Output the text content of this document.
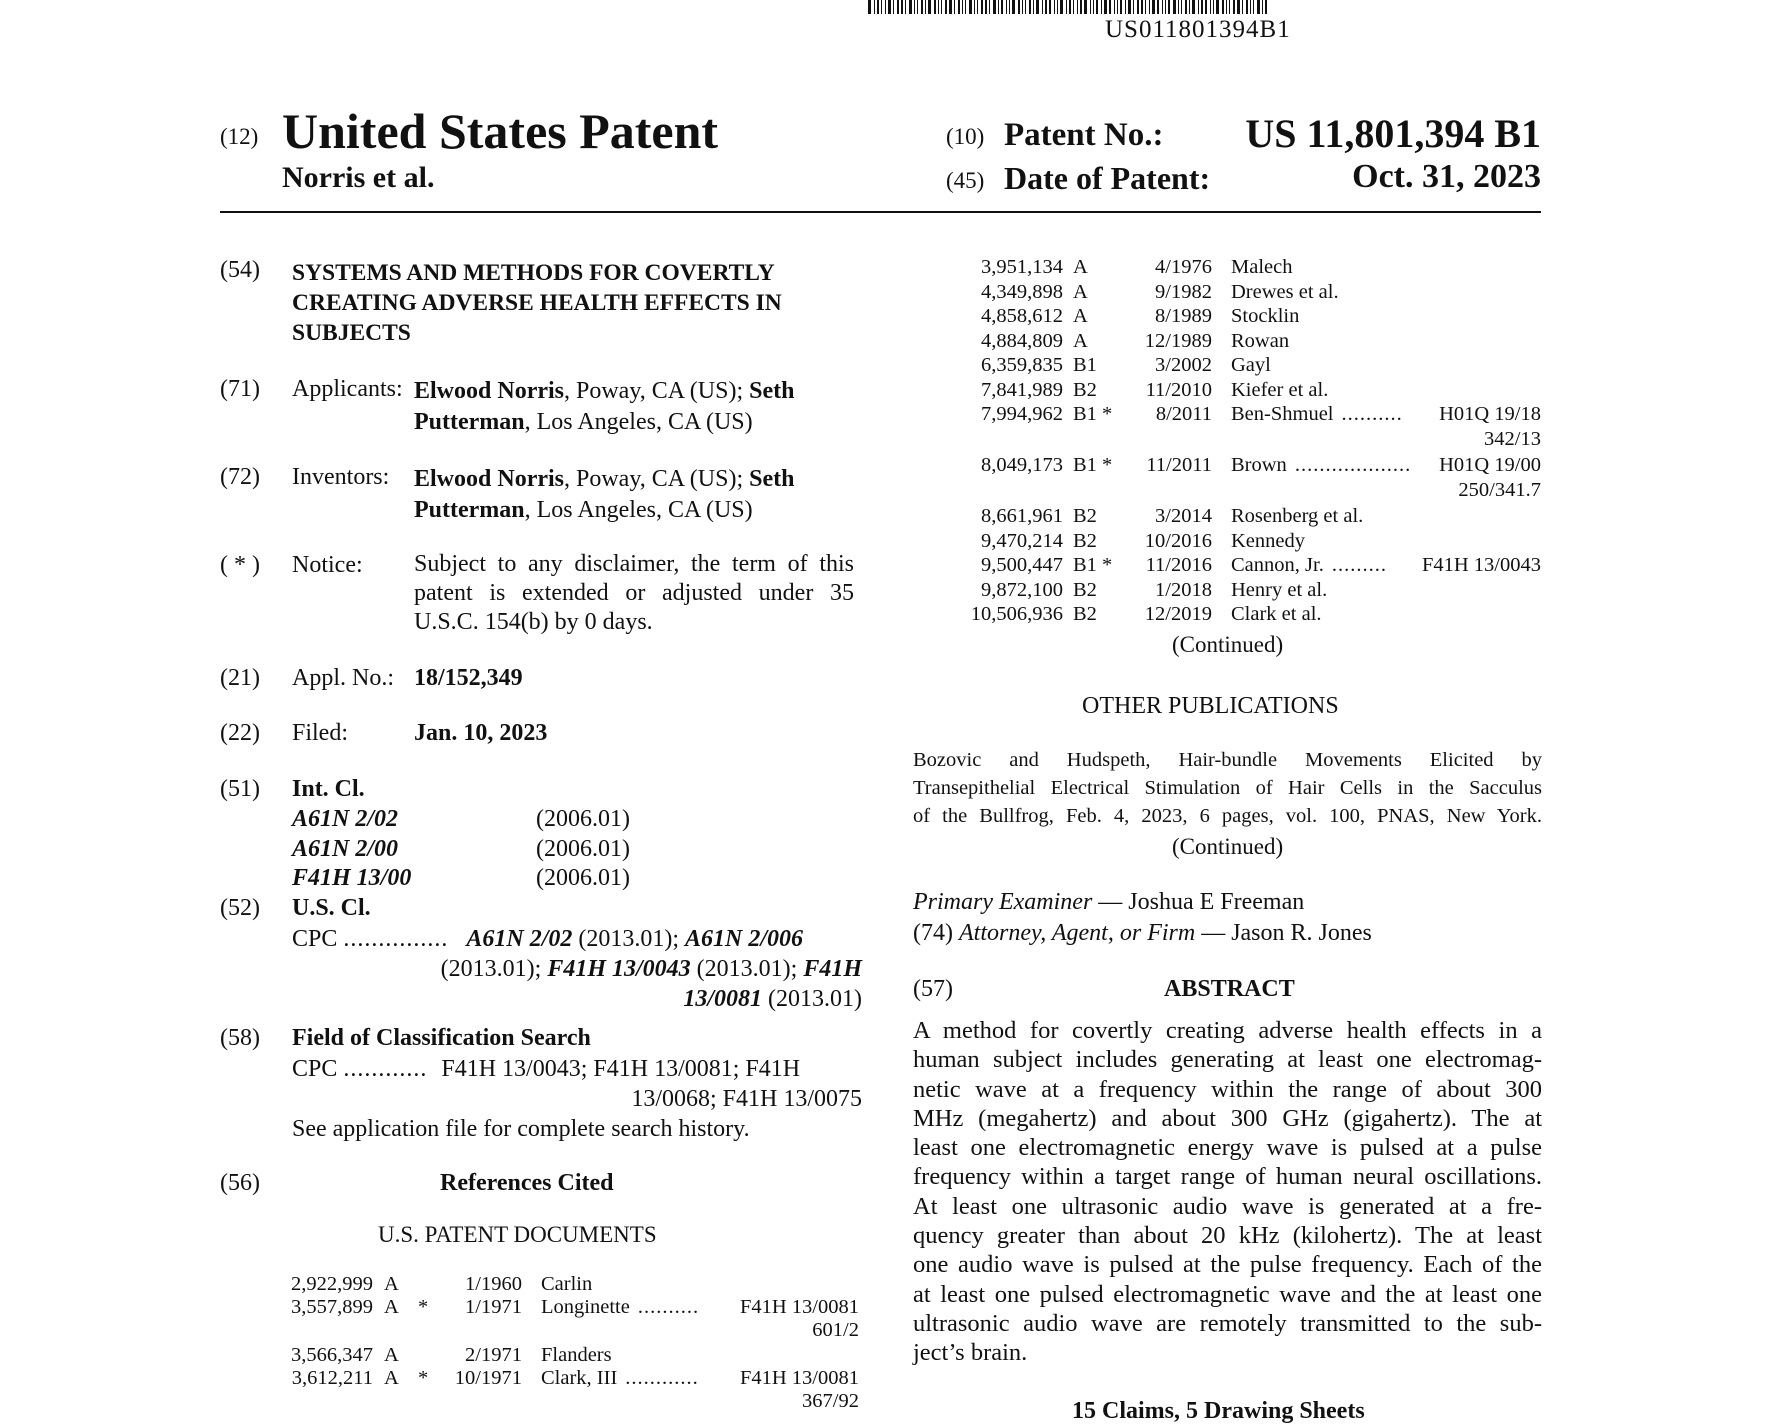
US011801394B1
(12) United States Patent
Norris et al.
(10) Patent No.: US 11,801,394 B1
(45) Date of Patent:	Oct. 31, 2023
(54) SYSTEMS AND METHODS FOR COVERTLY
CREATING ADVERSE HEALTH EFFECTS IN
SUBJECTS
(71) Applicants: Elwood Norris, Poway, CA (US); Seth
Putterman, Los Angeles, CA (US)
(72) Inventors: Elwood Norris, Poway, CA (US); Seth
Putterman, Los Angeles, CA (US)
( * ) Notice: Subject to any disclaimer, the term of this
patent is extended or adjusted under 35
U.S.C. 154(b) by 0 days.
(21) Appl. No.: 18/152,349
(22) Filed:	Jan. 10, 2023
(51) Int. Cl.
A61N 2/02	(2006.01)
A61N 2/00	(2006.01)
F41H 13/00	(2006.01)
(52) U.S. Cl.
CPC ............... A61N 2/02 (2013.01); A61N 2/006
(2013.01); F41H 13/0043 (2013.01); F41H
13/0081 (2013.01)
(58) Field of Classification Search
CPC ............ F41H 13/0043; F41H 13/0081; F41H
13/0068; F41H 13/0075
See application file for complete search history.
(56)	References Cited
U.S. PATENT DOCUMENTS
2,922,999 A	1/1960 Carlin
3,557,899 A * 1/1971 Longinette .......... F41H 13/0081
601/2
3,566,347 A	2/1971 Flanders
3,612,211 A * 10/1971 Clark, III ............ F41H 13/0081
367/92
3,951,134 A	4/1976 Malech
4,349,898 A	9/1982 Drewes et al.
4,858,612 A	8/1989 Stocklin
4,884,809 A	12/1989 Rowan
6,359,835 B1	3/2002 Gayl
7,841,989 B2 11/2010 Kiefer et al.
7,994,962 B1 * 8/2011 Ben-Shmuel .......... H01Q 19/18
342/13
8,049,173 B1 * 11/2011 Brown ................... H01Q 19/00
250/341.7
8,661,961 B2	3/2014 Rosenberg et al.
9,470,214 B2 10/2016 Kennedy
9,500,447 B1 * 11/2016 Cannon, Jr. ......... F41H 13/0043
9,872,100 B2	1/2018 Henry et al.
10,506,936 B2 12/2019 Clark et al.
(Continued)
OTHER PUBLICATIONS
Bozovic and Hudspeth, Hair-bundle Movements Elicited by
Transepithelial Electrical Stimulation of Hair Cells in the Sacculus
of the Bullfrog, Feb. 4, 2023, 6 pages, vol. 100, PNAS, New York.
(Continued)
Primary Examiner — Joshua E Freeman
(74) Attorney, Agent, or Firm — Jason R. Jones
(57)	ABSTRACT
A method for covertly creating adverse health effects in a
human subject includes generating at least one electromag-
netic wave at a frequency within the range of about 300
MHz (megahertz) and about 300 GHz (gigahertz). The at
least one electromagnetic energy wave is pulsed at a pulse
frequency within a target range of human neural oscillations.
At least one ultrasonic audio wave is generated at a fre-
quency greater than about 20 kHz (kilohertz). The at least
one audio wave is pulsed at the pulse frequency. Each of the
at least one pulsed electromagnetic wave and the at least one
ultrasonic audio wave are remotely transmitted to the sub-
ject’s brain.
15 Claims, 5 Drawing Sheets
